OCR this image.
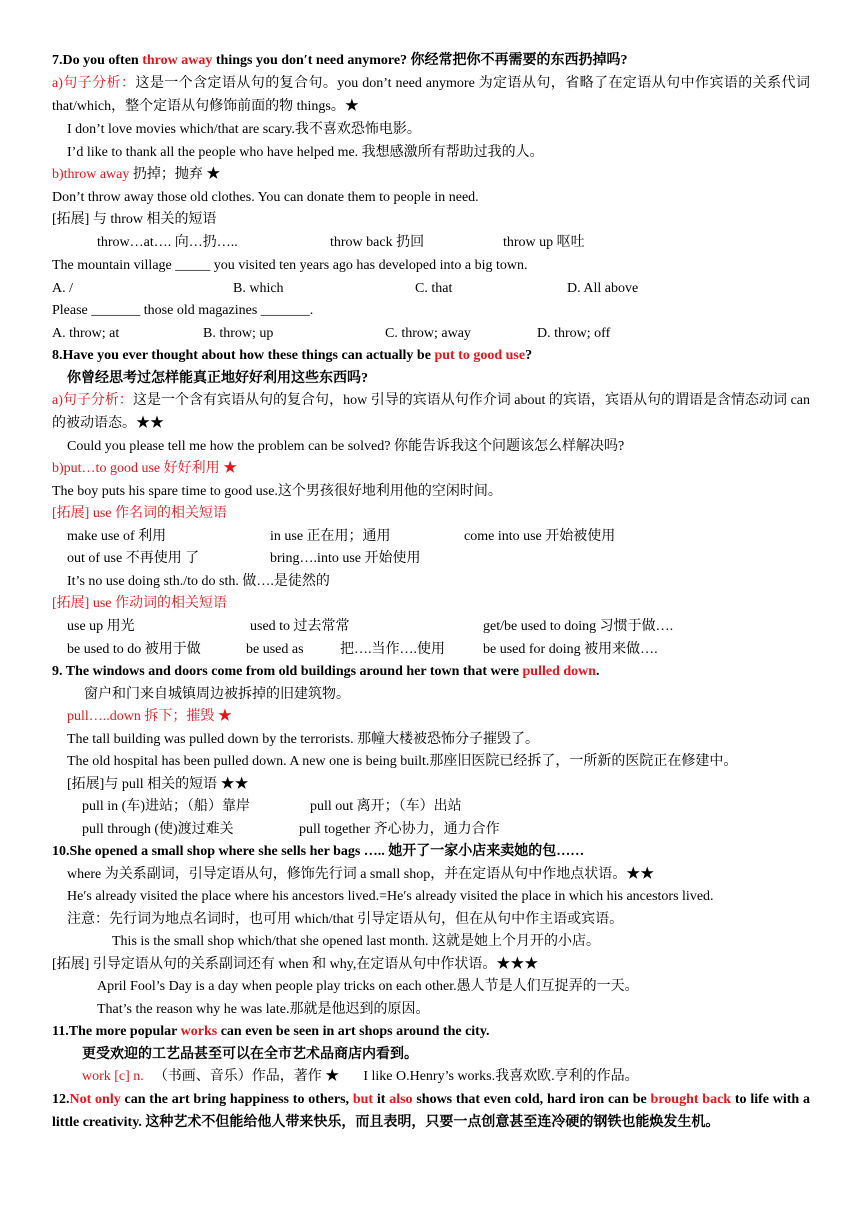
7.Do you often throw away things you don′t need anymore? 你经常把你不再需要的东西扔掉吗?
a)句子分析：这是一个含定语从句的复合句。you don’t need anymore 为定语从句，省略了在定语从句中作宾语的关系代词 that/which，整个定语从句修饰前面的物 things。★
I don’t love movies which/that are scary.我不喜欢恐怖电影。
I’d like to thank all the people who have helped me. 我想感激所有帮助过我的人。
b)throw away 扔掉；抛弃 ★
Don’t throw away those old clothes. You can donate them to people in need.
[拓展] 与 throw 相关的短语
throw…at…. 向…扔…..	throw back 扔回	throw up 呕吐
The mountain village _____ you visited ten years ago has developed into a big town.
A. /	B. which	C. that	D. All above
Please _______ those old magazines _______.
A. throw; at	B. throw; up	C. throw; away	D. throw; off
8.Have you ever thought about how these things can actually be put to good use?
你曾经思考过怎样能真正地好好利用这些东西吗?
a)句子分析：这是一个含有宾语从句的复合句，how 引导的宾语从句作介词 about 的宾语，宾语从句的谓语是含情态动词 can 的被动语态。★★
Could you please tell me how the problem can be solved? 你能告诉我这个问题该怎么样解决吗?
b)put…to good use 好好利用 ★
The boy puts his spare time to good use.这个男孩很好地利用他的空闲时间。
[拓展] use 作名词的相关短语
make use of 利用	in use 正在用；通用	come into use 开始被使用
out of use 不再使用 了	bring….into use 开始使用
It’s no use doing sth./to do sth. 做….是徒然的
[拓展] use 作动词的相关短语
use up 用光	used to 过去常常	get/be used to doing 习惯于做….
be used to do 被用于做	be used as	把….当作….使用	be used for doing 被用来做….
9. The windows and doors come from old buildings around her town that were pulled down.
窗户和门来自城镇周边被拆掉的旧建筑物。
pull…..down 拆下；摧毁 ★
The tall building was pulled down by the terrorists. 那幢大楼被恐怖分子摧毁了。
The old hospital has been pulled down. A new one is being built.那座旧医院已经拆了，一所新的医院正在修建中。
[拓展]与 pull 相关的短语 ★★
pull in (车)进站；（船）靠岸	pull out 离开；（车）出站
pull through (使)渡过难关	pull together 齐心协力，通力合作
10.She opened a small shop where she sells her bags ….. 她开了一家小店来卖她的包……
where 为关系副词，引导定语从句，修饰先行词 a small shop，并在定语从句中作地点状语。★★
He′s already visited the place where his ancestors lived.=He′s already visited the place in which his ancestors lived.
注意：先行词为地点名词时，也可用 which/that 引导定语从句，但在从句中作主语或宾语。
This is the small shop which/that she opened last month. 这就是她上个月开的小店。
[拓展] 引导定语从句的关系副词还有 when 和 why,在定语从句中作状语。★★★
April Fool’s Day is a day when people play tricks on each other.愚人节是人们互捉弄的一天。
That’s the reason why he was late.那就是他迟到的原因。
11.The more popular works can even be seen in art shops around the city.
更受欢迎的工艺品甚至可以在全市艺术品商店内看到。
work [c] n. （书画、音乐）作品，著作 ★ I like O.Henry’s works.我喜欢欧.亨利的作品。
12.Not only can the art bring happiness to others, but it also shows that even cold, hard iron can be brought back to life with a little creativity. 这种艺术不但能给他人带来快乐，而且表明，只要一点创意甚至连冷硬的钢铁也能焕发生机。
